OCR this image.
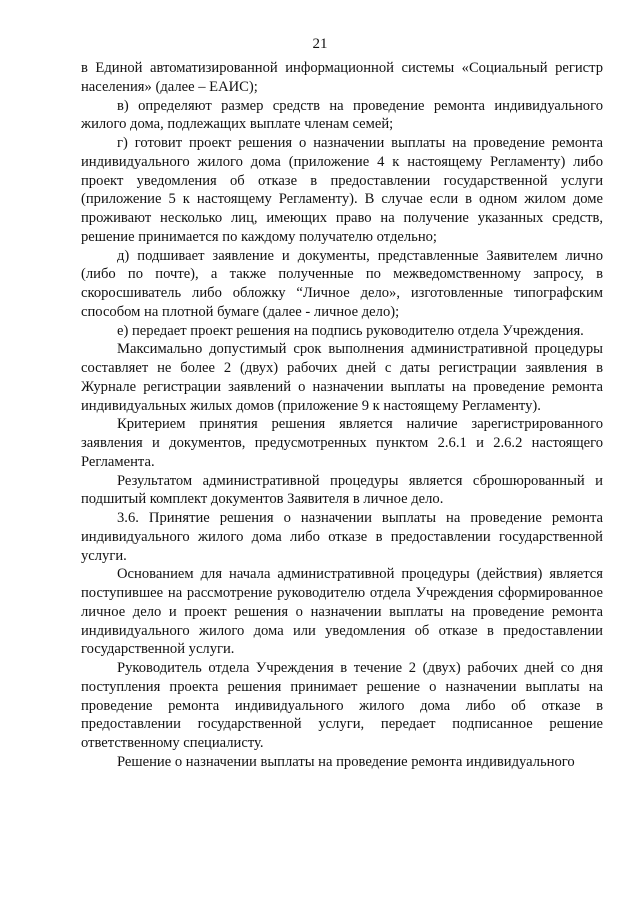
21

в Единой автоматизированной информационной системы «Социальный регистр населения» (далее – ЕАИС);

в) определяют размер средств на проведение ремонта индивидуального жилого дома, подлежащих выплате членам семей;

г) готовит проект решения о назначении выплаты на проведение ремонта индивидуального жилого дома (приложение 4 к настоящему Регламенту) либо проект уведомления об отказе в предоставлении государственной услуги (приложение 5 к настоящему Регламенту). В случае если в одном жилом доме проживают несколько лиц, имеющих право на получение указанных средств, решение принимается по каждому получателю отдельно;

д) подшивает заявление и документы, представленные Заявителем лично (либо по почте), а также полученные по межведомственному запросу, в скоросшиватель либо обложку “Личное дело», изготовленные типографским способом на плотной бумаге (далее - личное дело);

е) передает проект решения на подпись руководителю отдела Учреждения.

Максимально допустимый срок выполнения административной процедуры составляет не более 2 (двух) рабочих дней с даты регистрации заявления в Журнале регистрации заявлений о назначении выплаты на проведение ремонта индивидуальных жилых домов (приложение 9 к настоящему Регламенту).

Критерием принятия решения является наличие зарегистрированного заявления и документов, предусмотренных пунктом 2.6.1 и 2.6.2 настоящего Регламента.

Результатом административной процедуры является сброшюрованный и подшитый комплект документов Заявителя в личное дело.

3.6. Принятие решения о назначении выплаты на проведение ремонта индивидуального жилого дома либо отказе в предоставлении государственной услуги.

Основанием для начала административной процедуры (действия) является поступившее на рассмотрение руководителю отдела Учреждения сформированное личное дело и проект решения о назначении выплаты на проведение ремонта индивидуального жилого дома или уведомления об отказе в предоставлении государственной услуги.

Руководитель отдела Учреждения в течение 2 (двух) рабочих дней со дня поступления проекта решения принимает решение о назначении выплаты на проведение ремонта индивидуального жилого дома либо об отказе в предоставлении государственной услуги, передает подписанное решение ответственному специалисту.

Решение о назначении выплаты на проведение ремонта индивидуального
